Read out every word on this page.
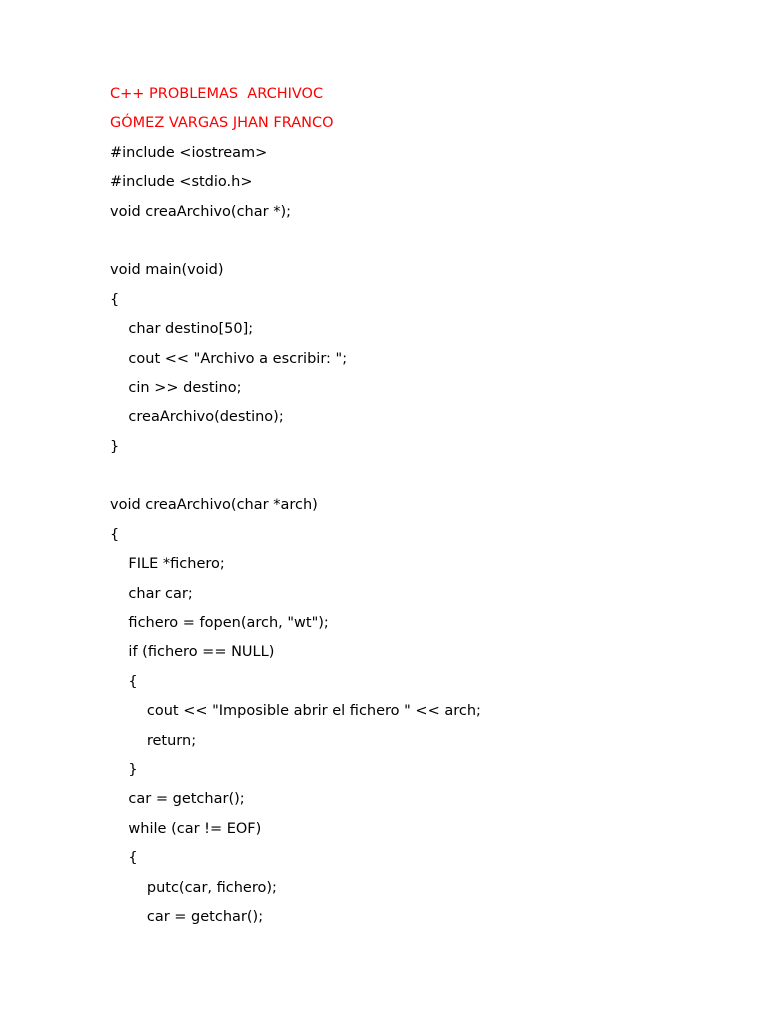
C++ PROBLEMAS  ARCHIVOC
GÓMEZ VARGAS JHAN FRANCO
#include <iostream>
#include <stdio.h>
void creaArchivo(char *);
void main(void)
{
char destino[50];
cout << "Archivo a escribir: ";
cin >> destino;
creaArchivo(destino);
}
void creaArchivo(char *arch)
{
FILE *fichero;
char car;
fichero = fopen(arch, "wt");
if (fichero == NULL)
{
cout << "Imposible abrir el fichero " << arch;
return;
}
car = getchar();
while (car != EOF)
{
putc(car, fichero);
car = getchar();
